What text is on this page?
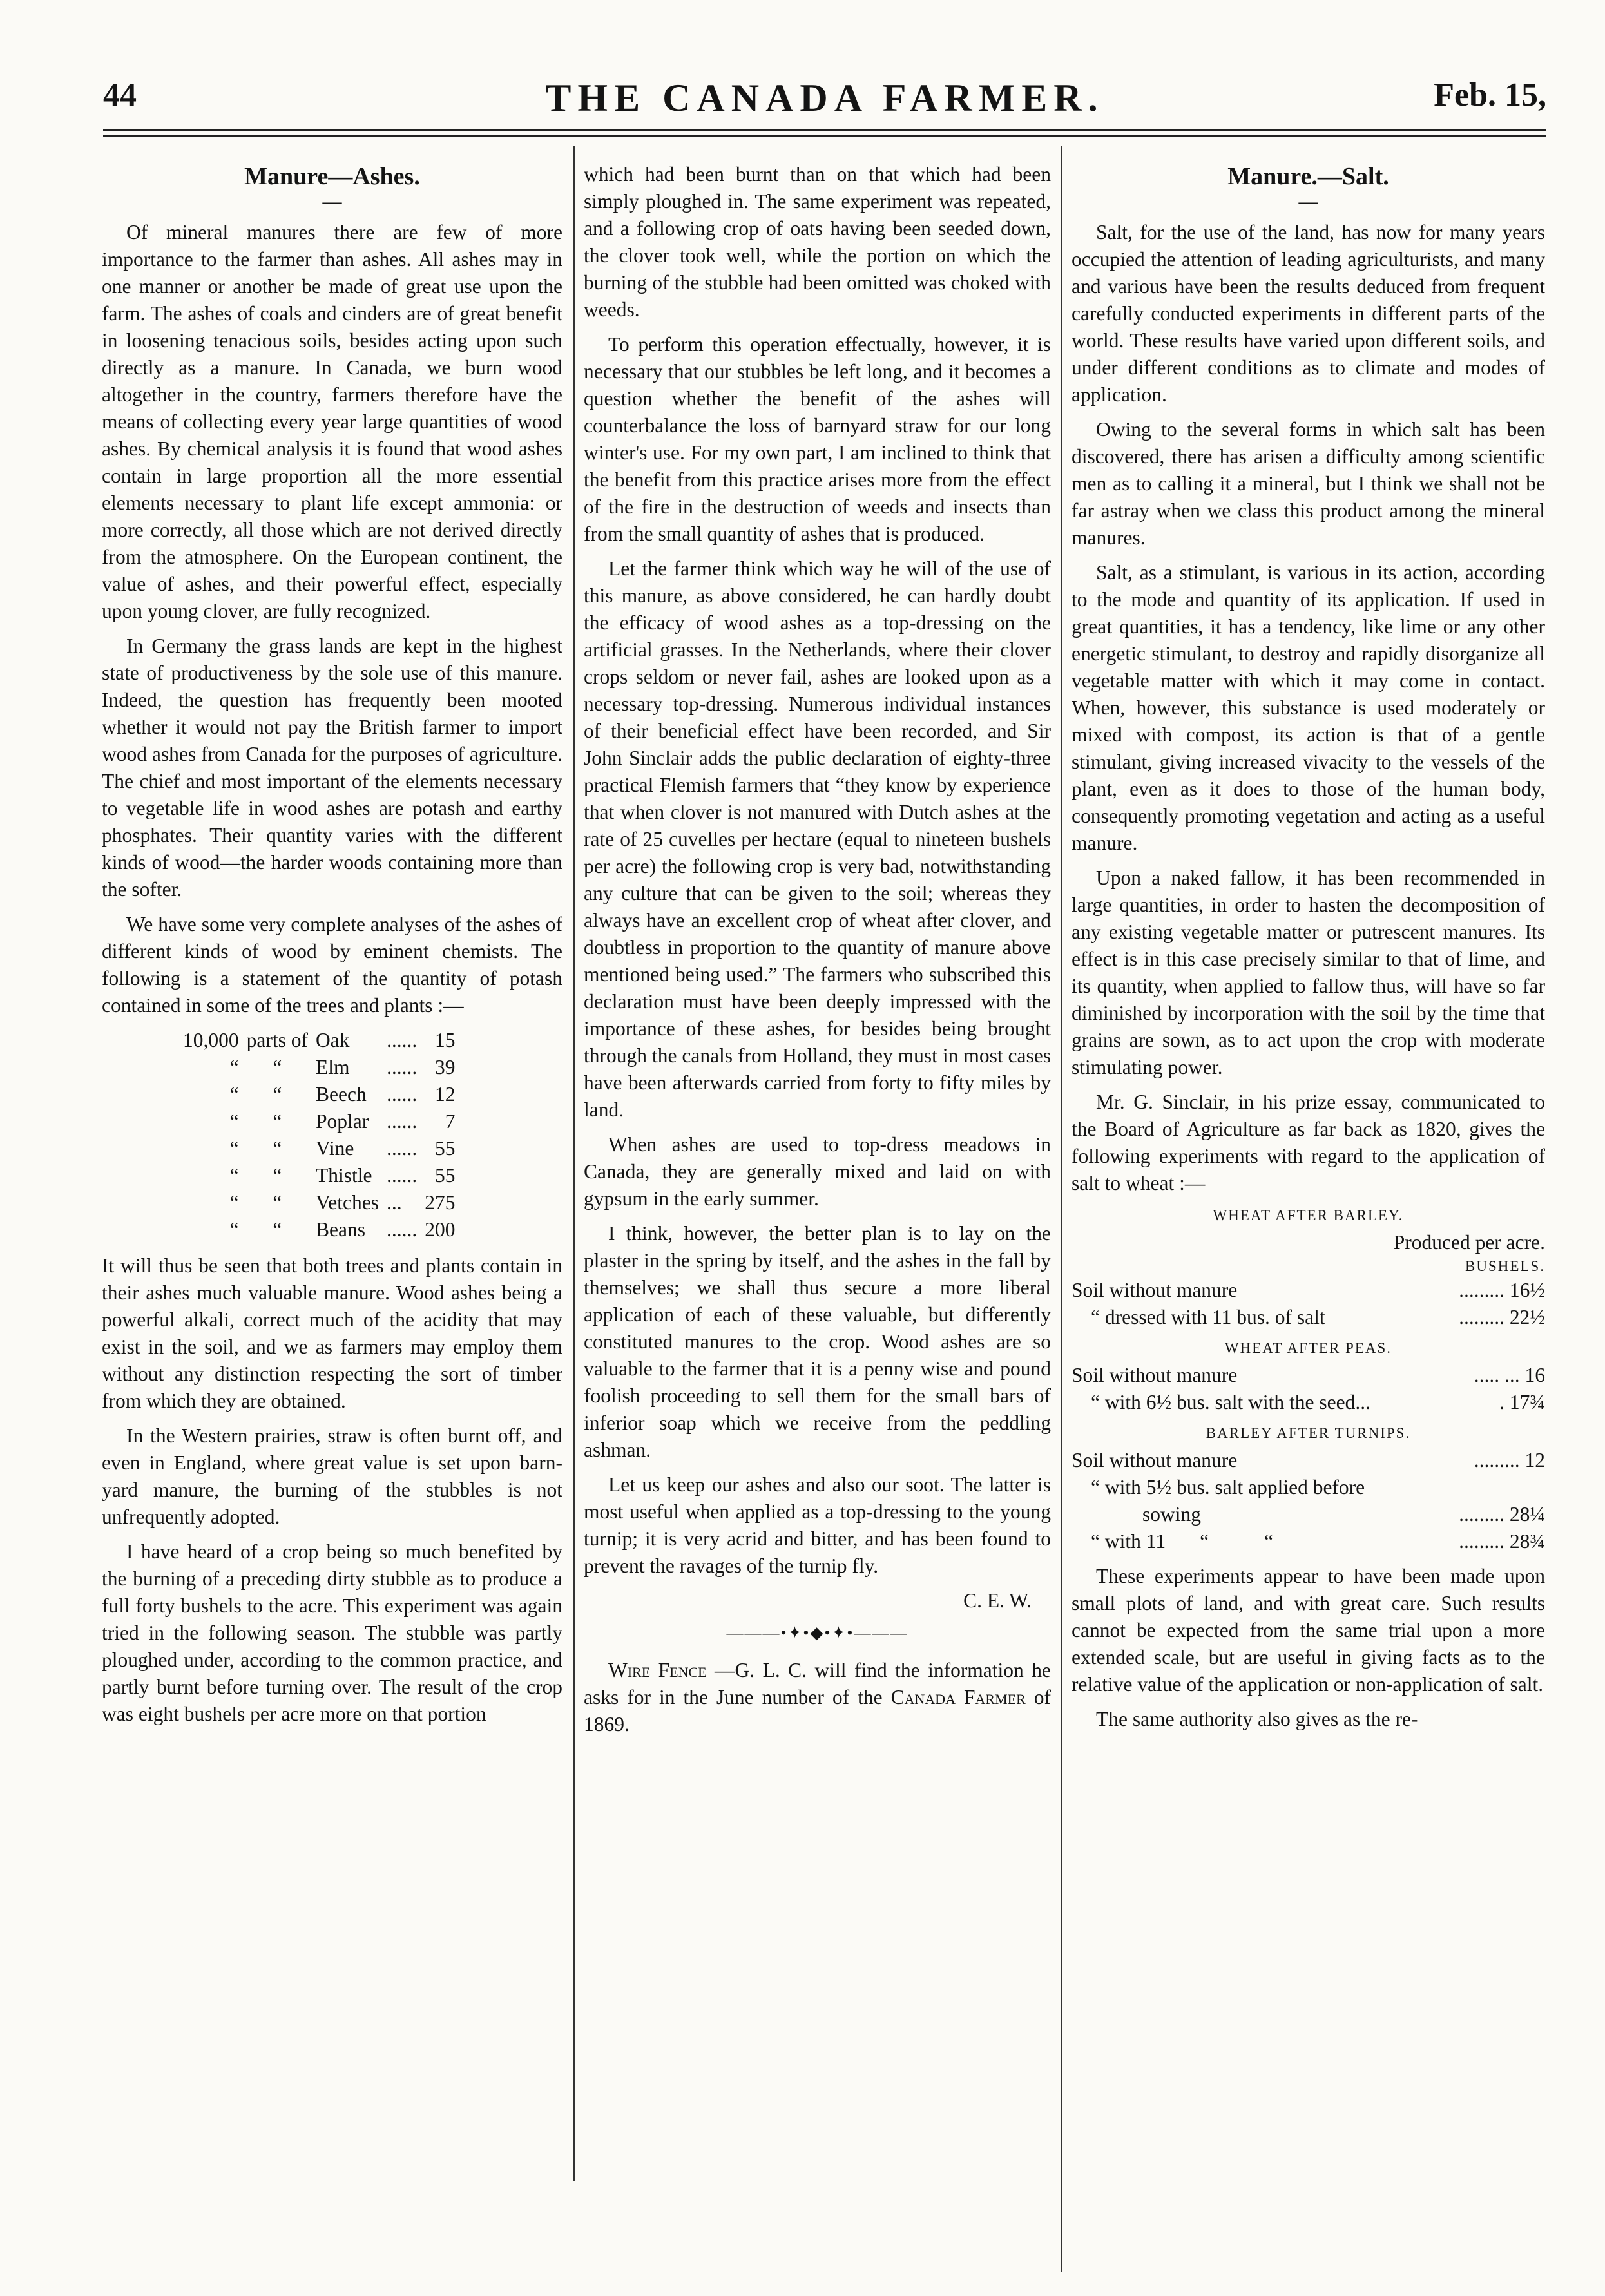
44	THE CANADA FARMER.	Feb. 15,
Manure—Ashes.
—

Of mineral manures there are few of more importance to the farmer than ashes. All ashes may in one manner or another be made of great use upon the farm. The ashes of coals and cinders are of great benefit in loosening tenacious soils, besides acting upon such directly as a manure. In Canada, we burn wood altogether in the country, farmers therefore have the means of collecting every year large quantities of wood ashes. By chemical analysis it is found that wood ashes contain in large proportion all the more essential elements necessary to plant life except ammonia: or more correctly, all those which are not derived directly from the atmosphere. On the European continent, the value of ashes, and their powerful effect, especially upon young clover, are fully recognized.

In Germany the grass lands are kept in the highest state of productiveness by the sole use of this manure. Indeed, the question has frequently been mooted whether it would not pay the British farmer to import wood ashes from Canada for the purposes of agriculture. The chief and most important of the elements necessary to vegetable life in wood ashes are potash and earthy phosphates. Their quantity varies with the different kinds of wood—the harder woods containing more than the softer.

We have some very complete analyses of the ashes of different kinds of wood by eminent chemists. The following is a statement of the quantity of potash contained in some of the trees and plants :—

10,000	parts of	Oak	......	15
“	“	Elm	......	39
“	“	Beech	......	12
“	“	Poplar	......	7
“	“	Vine	......	55
“	“	Thistle	......	55
“	“	Vetches	...	275
“	“	Beans	......	200

It will thus be seen that both trees and plants contain in their ashes much valuable manure. Wood ashes being a powerful alkali, correct much of the acidity that may exist in the soil, and we as farmers may employ them without any distinction respecting the sort of timber from which they are obtained.

In the Western prairies, straw is often burnt off, and even in England, where great value is set upon barn-yard manure, the burning of the stubbles is not unfrequently adopted.

I have heard of a crop being so much benefited by the burning of a preceding dirty stubble as to produce a full forty bushels to the acre. This experiment was again tried in the following season. The stubble was partly ploughed under, according to the common practice, and partly burnt before turning over. The result of the crop was eight bushels per acre more on that portion

which had been burnt than on that which had been simply ploughed in. The same experiment was repeated, and a following crop of oats having been seeded down, the clover took well, while the portion on which the burning of the stubble had been omitted was choked with weeds.

To perform this operation effectually, however, it is necessary that our stubbles be left long, and it becomes a question whether the benefit of the ashes will counterbalance the loss of barnyard straw for our long winter's use. For my own part, I am inclined to think that the benefit from this practice arises more from the effect of the fire in the destruction of weeds and insects than from the small quantity of ashes that is produced.

Let the farmer think which way he will of the use of this manure, as above considered, he can hardly doubt the efficacy of wood ashes as a top-dressing on the artificial grasses. In the Netherlands, where their clover crops seldom or never fail, ashes are looked upon as a necessary top-dressing. Numerous individual instances of their beneficial effect have been recorded, and Sir John Sinclair adds the public declaration of eighty-three practical Flemish farmers that “they know by experience that when clover is not manured with Dutch ashes at the rate of 25 cuvelles per hectare (equal to nineteen bushels per acre) the following crop is very bad, notwithstanding any culture that can be given to the soil; whereas they always have an excellent crop of wheat after clover, and doubtless in proportion to the quantity of manure above mentioned being used.” The farmers who subscribed this declaration must have been deeply impressed with the importance of these ashes, for besides being brought through the canals from Holland, they must in most cases have been afterwards carried from forty to fifty miles by land.

When ashes are used to top-dress meadows in Canada, they are generally mixed and laid on with gypsum in the early summer.

I think, however, the better plan is to lay on the plaster in the spring by itself, and the ashes in the fall by themselves; we shall thus secure a more liberal application of each of these valuable, but differently constituted manures to the crop. Wood ashes are so valuable to the farmer that it is a penny wise and pound foolish proceeding to sell them for the small bars of inferior soap which we receive from the peddling ashman.

Let us keep our ashes and also our soot. The latter is most useful when applied as a top-dressing to the young turnip; it is very acrid and bitter, and has been found to prevent the ravages of the turnip fly.

C. E. W.

———•✦•◆•✦•———

Wire Fence —G. L. C. will find the information he asks for in the June number of the Canada Farmer of 1869.

Manure.—Salt.
—

Salt, for the use of the land, has now for many years occupied the attention of leading agriculturists, and many and various have been the results deduced from frequent carefully conducted experiments in different parts of the world. These results have varied upon different soils, and under different conditions as to climate and modes of application.

Owing to the several forms in which salt has been discovered, there has arisen a difficulty among scientific men as to calling it a mineral, but I think we shall not be far astray when we class this product among the mineral manures.

Salt, as a stimulant, is various in its action, according to the mode and quantity of its application. If used in great quantities, it has a tendency, like lime or any other energetic stimulant, to destroy and rapidly disorganize all vegetable matter with which it may come in contact. When, however, this substance is used moderately or mixed with compost, its action is that of a gentle stimulant, giving increased vivacity to the vessels of the plant, even as it does to those of the human body, consequently promoting vegetation and acting as a useful manure.

Upon a naked fallow, it has been recommended in large quantities, in order to hasten the decomposition of any existing vegetable matter or putrescent manures. Its effect is in this case precisely similar to that of lime, and its quantity, when applied to fallow thus, will have so far diminished by incorporation with the soil by the time that grains are sown, as to act upon the crop with moderate stimulating power.

Mr. G. Sinclair, in his prize essay, communicated to the Board of Agriculture as far back as 1820, gives the following experiments with regard to the application of salt to wheat :—

WHEAT AFTER BARLEY.
Produced per acre.
BUSHELS.
Soil without manure	......... 16½
“ dressed with 11 bus. of salt	......... 22½
WHEAT AFTER PEAS.
Soil without manure	..... ... 16
“ with 6½ bus. salt with the seed...	. 17¾
BARLEY AFTER TURNIPS.
Soil without manure	......... 12
“ with 5½ bus. salt applied before
sowing	......... 28¼
“ with 11 “	“	......... 28¾

These experiments appear to have been made upon small plots of land, and with great care. Such results cannot be expected from the same trial upon a more extended scale, but are useful in giving facts as to the relative value of the application or non-application of salt.

The same authority also gives as the re-
